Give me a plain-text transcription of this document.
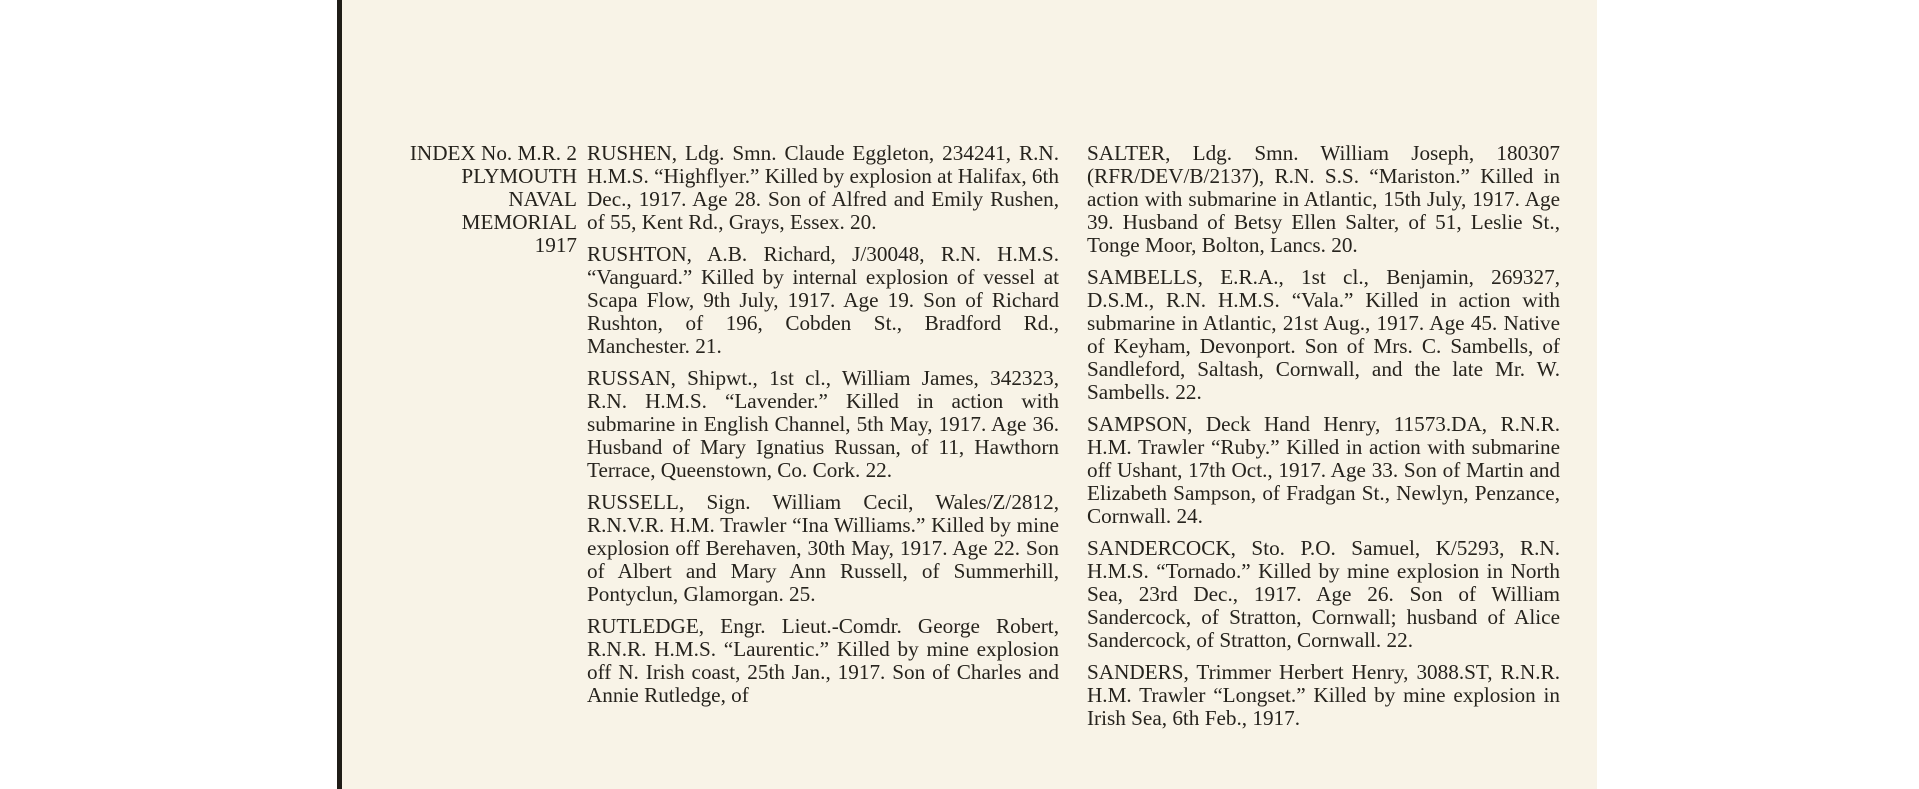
INDEX No. M.R. 2
PLYMOUTH
NAVAL
MEMORIAL
1917

RUSHEN, Ldg. Smn. Claude Eggleton, 234241, R.N. H.M.S. “Highflyer.” Killed by explosion at Halifax, 6th Dec., 1917. Age 28. Son of Alfred and Emily Rushen, of 55, Kent Rd., Grays, Essex. 20.

RUSHTON, A.B. Richard, J/30048, R.N. H.M.S. “Vanguard.” Killed by internal explosion of vessel at Scapa Flow, 9th July, 1917. Age 19. Son of Richard Rushton, of 196, Cobden St., Bradford Rd., Manchester. 21.

RUSSAN, Shipwt., 1st cl., William James, 342323, R.N. H.M.S. “Lavender.” Killed in action with submarine in English Channel, 5th May, 1917. Age 36. Husband of Mary Ignatius Russan, of 11, Hawthorn Terrace, Queenstown, Co. Cork. 22.

RUSSELL, Sign. William Cecil, Wales/Z/2812, R.N.V.R. H.M. Trawler “Ina Williams.” Killed by mine explosion off Berehaven, 30th May, 1917. Age 22. Son of Albert and Mary Ann Russell, of Summerhill, Pontyclun, Glamorgan. 25.

RUTLEDGE, Engr. Lieut.-Comdr. George Robert, R.N.R. H.M.S. “Laurentic.” Killed by mine explosion off N. Irish coast, 25th Jan., 1917. Son of Charles and Annie Rutledge, of

SALTER, Ldg. Smn. William Joseph, 180307 (RFR/DEV/B/2137), R.N. S.S. “Mariston.” Killed in action with submarine in Atlantic, 15th July, 1917. Age 39. Husband of Betsy Ellen Salter, of 51, Leslie St., Tonge Moor, Bolton, Lancs. 20.

SAMBELLS, E.R.A., 1st cl., Benjamin, 269327, D.S.M., R.N. H.M.S. “Vala.” Killed in action with submarine in Atlantic, 21st Aug., 1917. Age 45. Native of Keyham, Devonport. Son of Mrs. C. Sambells, of Sandleford, Saltash, Cornwall, and the late Mr. W. Sambells. 22.

SAMPSON, Deck Hand Henry, 11573.DA, R.N.R. H.M. Trawler “Ruby.” Killed in action with submarine off Ushant, 17th Oct., 1917. Age 33. Son of Martin and Elizabeth Sampson, of Fradgan St., Newlyn, Penzance, Cornwall. 24.

SANDERCOCK, Sto. P.O. Samuel, K/5293, R.N. H.M.S. “Tornado.” Killed by mine explosion in North Sea, 23rd Dec., 1917. Age 26. Son of William Sandercock, of Stratton, Cornwall; husband of Alice Sandercock, of Stratton, Cornwall. 22.

SANDERS, Trimmer Herbert Henry, 3088.ST, R.N.R. H.M. Trawler “Longset.” Killed by mine explosion in Irish Sea, 6th Feb., 1917.
